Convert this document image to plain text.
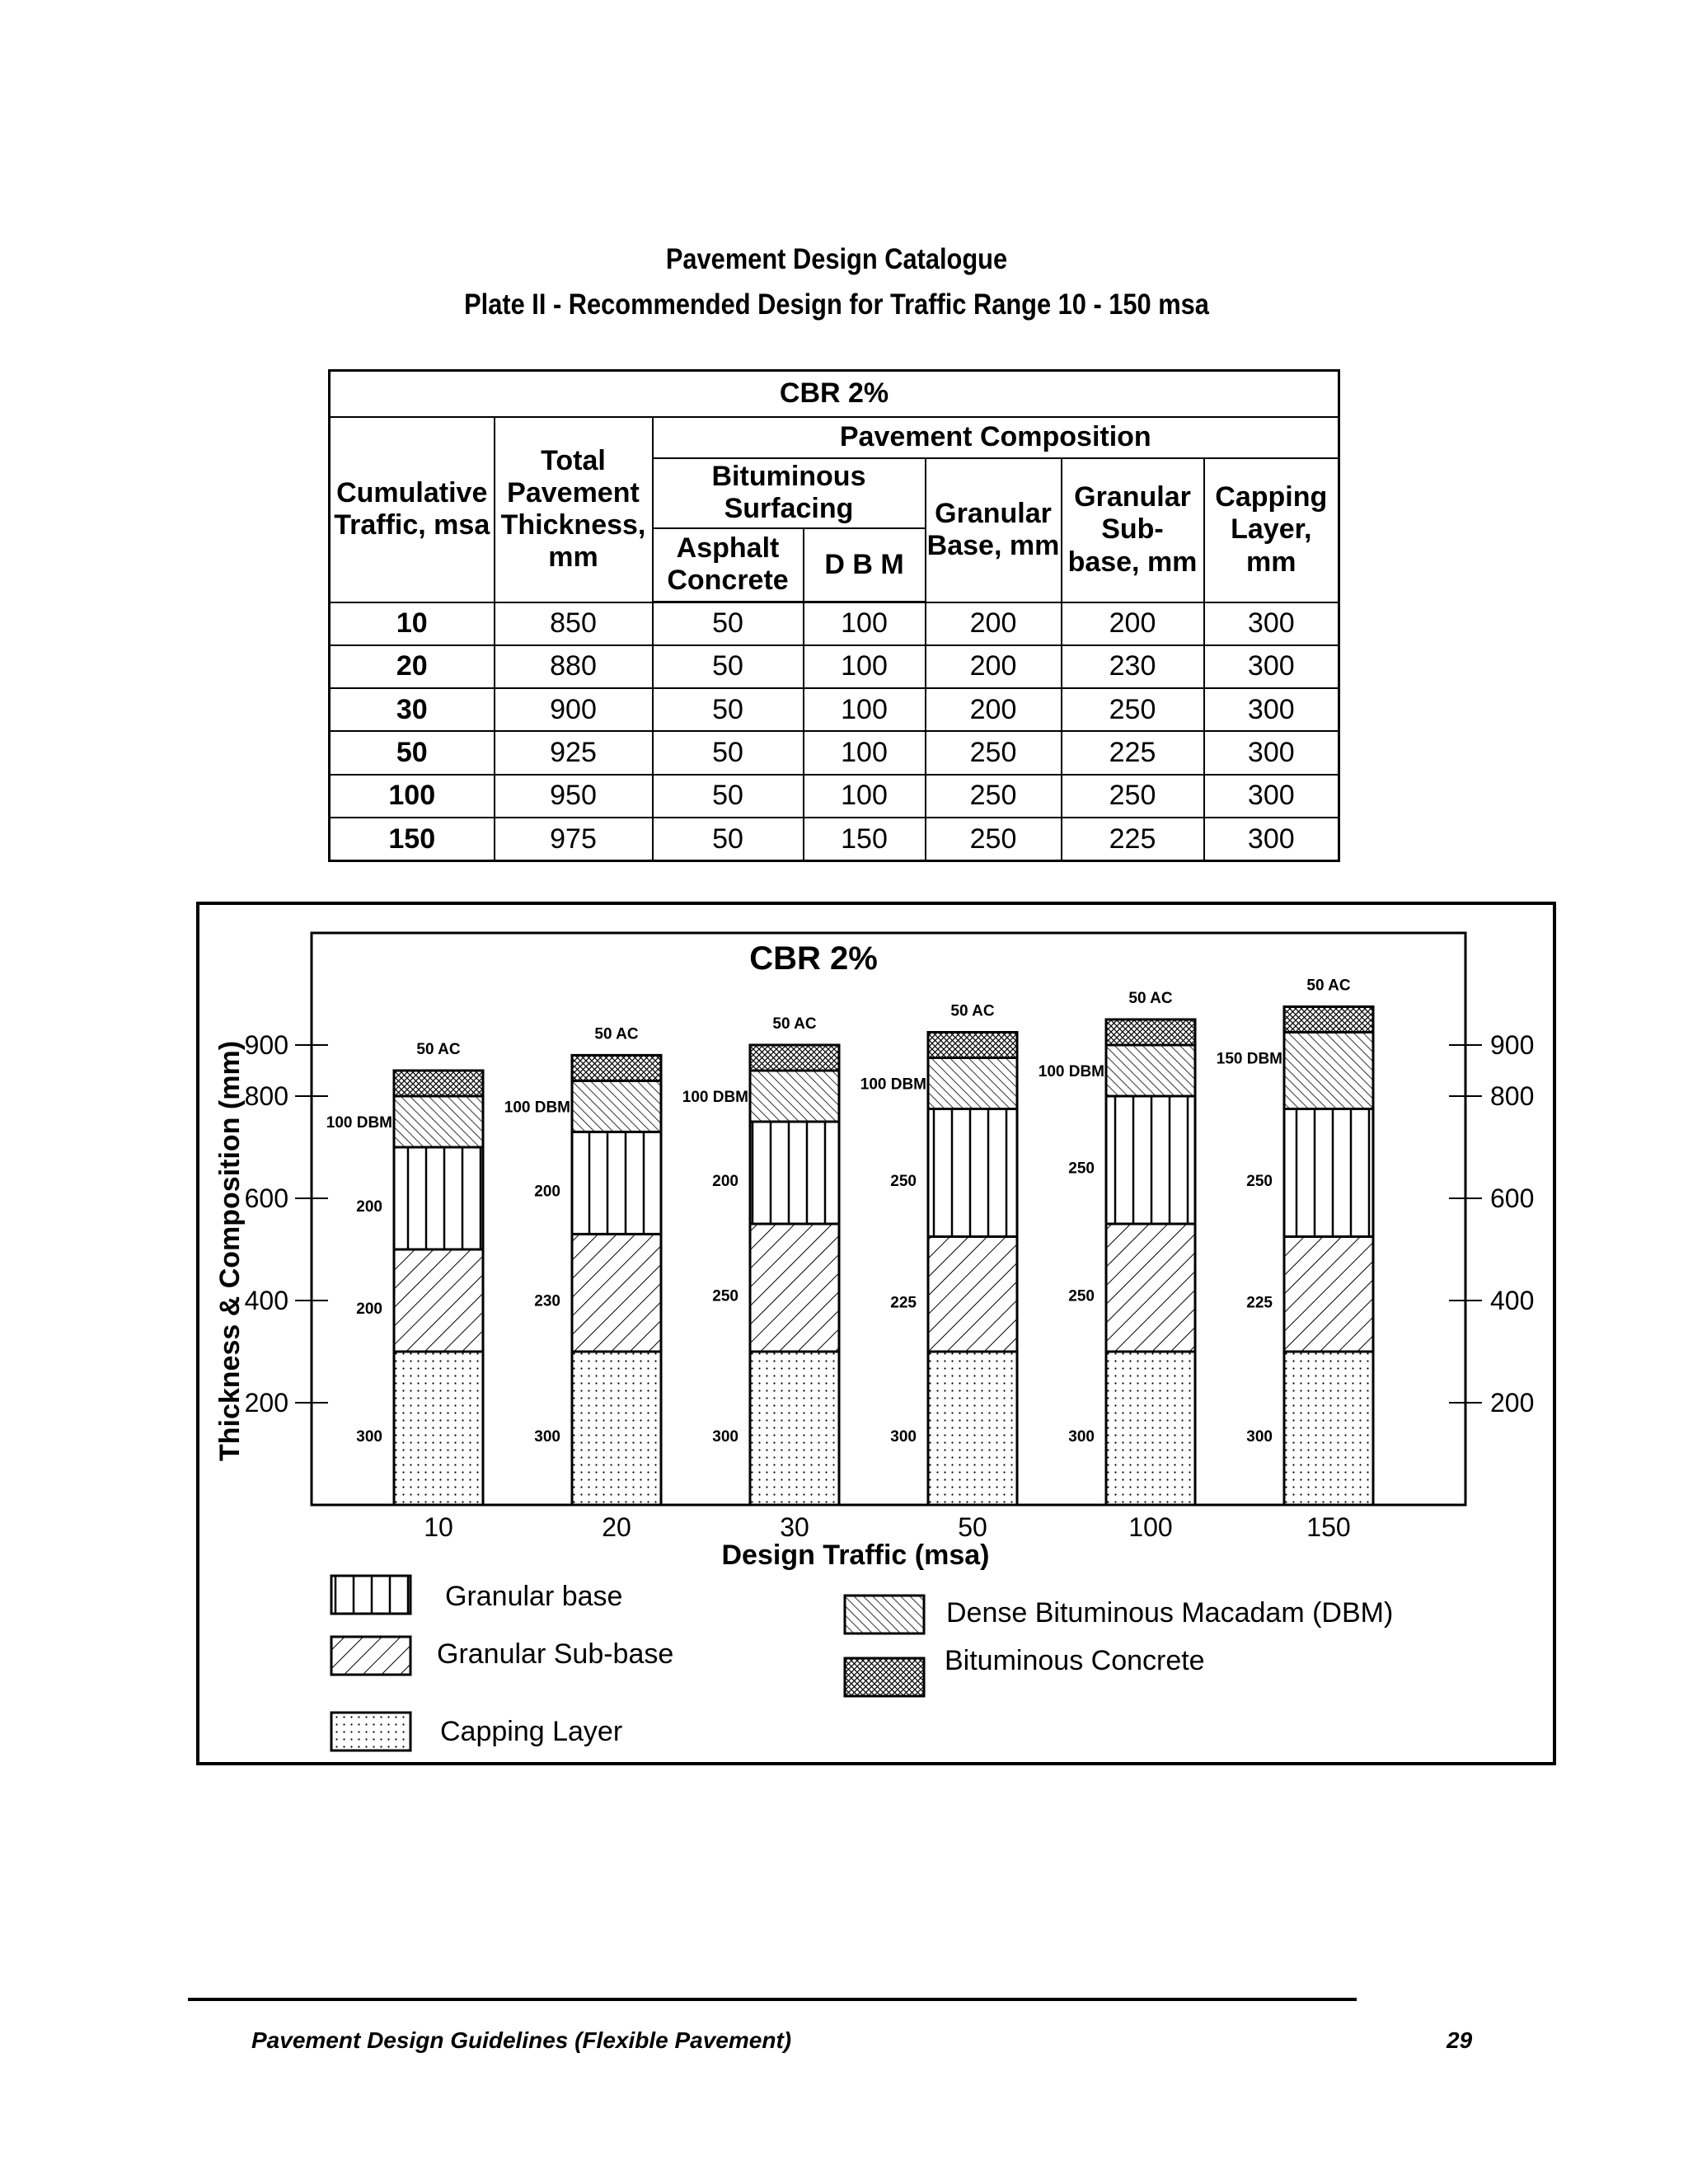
Pavement Design Catalogue
Plate II - Recommended Design for Traffic Range 10 - 150 msa
CBR 2%						
Cumulative Traffic, msa	Total Pavement Thickness, mm	Pavement Composition				
		Bituminous Surfacing		Granular Base, mm	Granular Sub- base, mm	Capping Layer, mm
		Asphalt Concrete	D B M			
10	850	50	100	200	200	300
20	880	50	100	200	230	300
30	900	50	100	200	250	300
50	925	50	100	250	225	300
100	950	50	100	250	250	300
150	975	50	150	250	225	300
CBR 2%
Thickness & Composition (mm)
Design Traffic (msa)
200
400
600
800
900
200
400
600
800
900
300
200
200
100 DBM
50 AC
300
230
200
100 DBM
50 AC
300
250
200
100 DBM
50 AC
300
225
250
100 DBM
50 AC
300
250
250
100 DBM
50 AC
300
225
250
150 DBM
50 AC
10	20	30	50	100	150
Granular base
Granular Sub-base
Capping Layer
Dense Bituminous Macadam (DBM)
Bituminous Concrete
Pavement Design Guidelines (Flexible Pavement)	29
